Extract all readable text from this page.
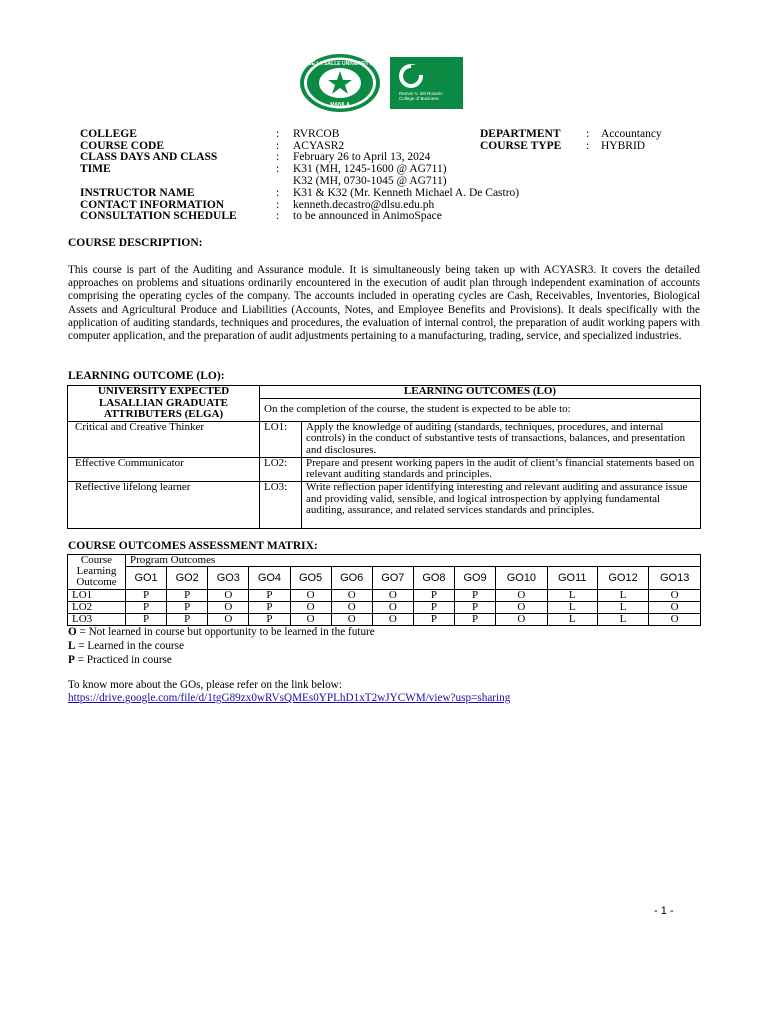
DE LA SALLE UNIVERSITY
MANILA
Ramon V. del Rosario
College of Business
COLLEGE	: RVRCOB	DEPARTMENT : Accountancy
COURSE CODE	: ACYASR2	COURSE TYPE : HYBRID
CLASS DAYS AND CLASS	: February 26 to April 13, 2024
TIME	: K31 (MH, 1245-1600 @ AG711)
K32 (MH, 0730-1045 @ AG711)
INSTRUCTOR NAME	: K31 & K32 (Mr. Kenneth Michael A. De Castro)
CONTACT INFORMATION	: kenneth.decastro@dlsu.edu.ph
CONSULTATION SCHEDULE	: to be announced in AnimoSpace
COURSE DESCRIPTION:
This course is part of the Auditing and Assurance module. It is simultaneously being taken up with ACYASR3. It covers the detailed approaches on problems and situations ordinarily encountered in the execution of audit plan through independent examination of accounts comprising the operating cycles of the company. The accounts included in operating cycles are Cash, Receivables, Inventories, Biological Assets and Agricultural Produce and Liabilities (Accounts, Notes, and Employee Benefits and Provisions). It deals specifically with the application of auditing standards, techniques and procedures, the evaluation of internal control, the preparation of audit working papers with computer application, and the preparation of audit adjustments pertaining to a manufacturing, trading, service, and specialized industries.
LEARNING OUTCOME (LO):
UNIVERSITY EXPECTED LASALLIAN GRADUATE ATTRIBUTERS (ELGA)	LEARNING OUTCOMES (LO)	
	On the completion of the course, the student is expected to be able to:	
Critical and Creative Thinker	LO1:	Apply the knowledge of auditing (standards, techniques, procedures, and internal controls) in the conduct of substantive tests of transactions, balances, and presentation and disclosures.
Effective Communicator	LO2:	Prepare and present working papers in the audit of client’s financial statements based on relevant auditing standards and principles.
Reflective lifelong learner	LO3:	Write reflection paper identifying interesting and relevant auditing and assurance issue and providing valid, sensible, and logical introspection by applying fundamental auditing, assurance, and related services standards and principles.
COURSE OUTCOMES ASSESSMENT MATRIX:
Course Learning Outcome	Program Outcomes												
	GO1	GO2	GO3	GO4	GO5	GO6	GO7	GO8	GO9	GO10	GO11	GO12	GO13
LO1	P	P	O	P	O	O	O	P	P	O	L	L	O
LO2	P	P	O	P	O	O	O	P	P	O	L	L	O
LO3	P	P	O	P	O	O	O	P	P	O	L	L	O
O = Not learned in course but opportunity to be learned in the future
L = Learned in the course
P = Practiced in course
To know more about the GOs, please refer on the link below:
https://drive.google.com/file/d/1tgG89zx0wRVsQMEs0YPLhD1xT2wJYCWM/view?usp=sharing
- 1 -
